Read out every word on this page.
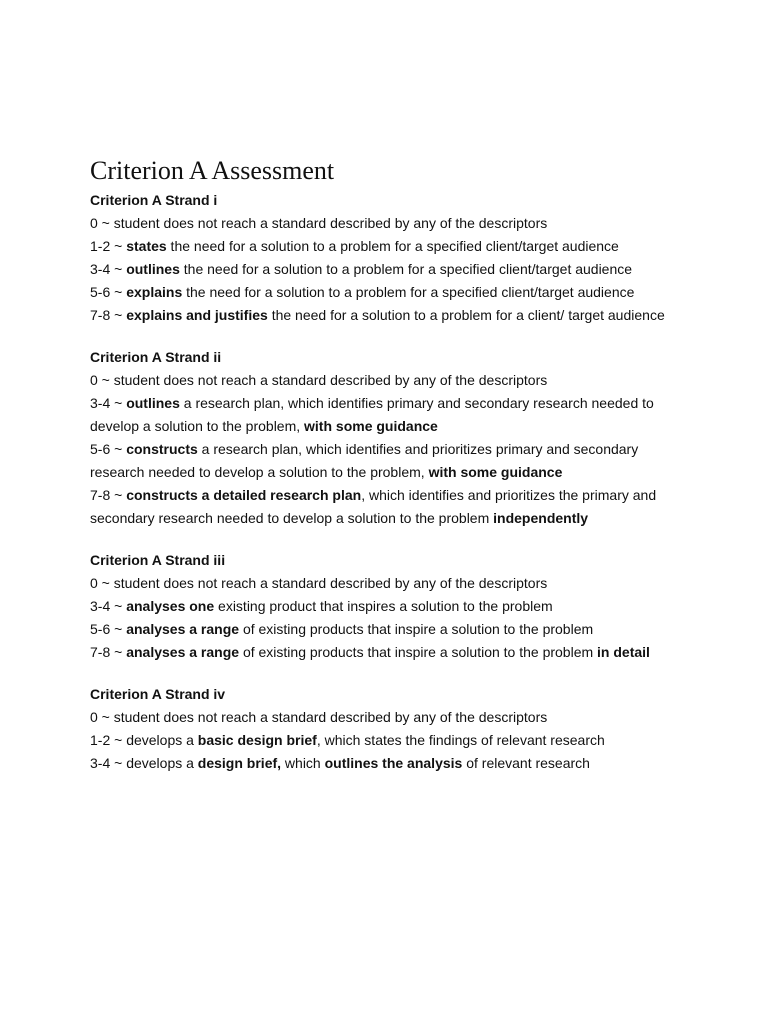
Criterion A Assessment
Criterion A Strand i
0 ~ student does not reach a standard described by any of the descriptors
1-2 ~ states the need for a solution to a problem for a specified client/target audience
3-4 ~ outlines the need for a solution to a problem for a specified client/target audience
5-6 ~ explains the need for a solution to a problem for a specified client/target audience
7-8 ~ explains and justifies the need for a solution to a problem for a client/ target audience
Criterion A Strand ii
0 ~ student does not reach a standard described by any of the descriptors
3-4 ~ outlines a research plan, which identifies primary and secondary research needed to develop a solution to the problem, with some guidance
5-6 ~ constructs a research plan, which identifies and prioritizes primary and secondary research needed to develop a solution to the problem, with some guidance
7-8 ~ constructs a detailed research plan, which identifies and prioritizes the primary and secondary research needed to develop a solution to the problem independently
Criterion A Strand iii
0 ~ student does not reach a standard described by any of the descriptors
3-4 ~ analyses one existing product that inspires a solution to the problem
5-6 ~ analyses a range of existing products that inspire a solution to the problem
7-8 ~ analyses a range of existing products that inspire a solution to the problem in detail
Criterion A Strand iv
0 ~ student does not reach a standard described by any of the descriptors
1-2 ~ develops a basic design brief, which states the findings of relevant research
3-4 ~ develops a design brief, which outlines the analysis of relevant research
